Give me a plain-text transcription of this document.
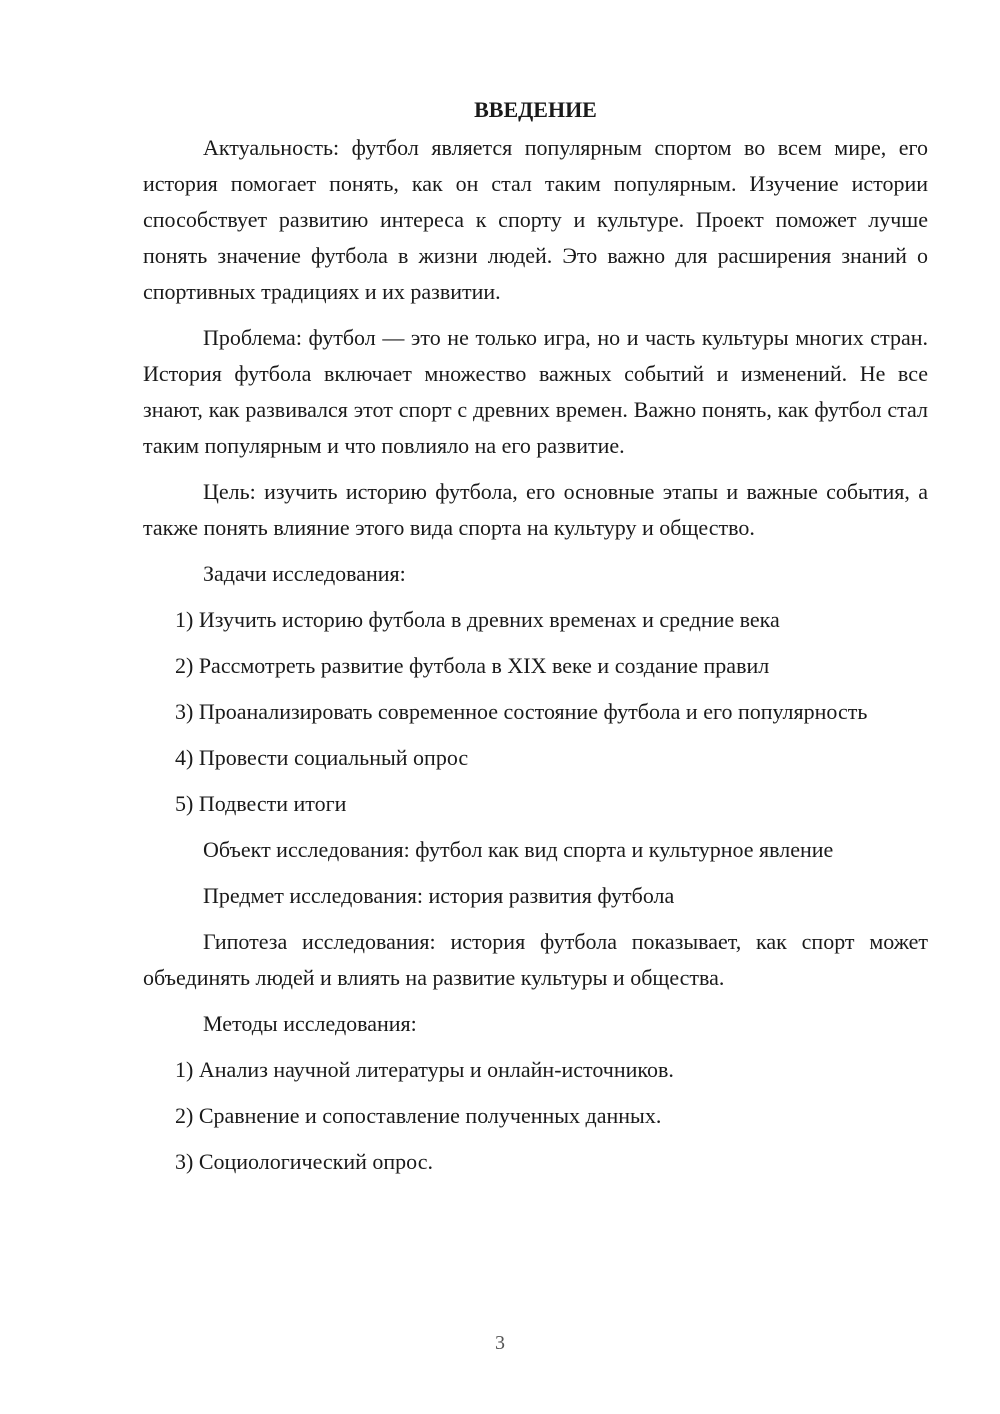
ВВЕДЕНИЕ

Актуальность: футбол является популярным спортом во всем мире, его история помогает понять, как он стал таким популярным. Изучение истории способствует развитию интереса к спорту и культуре. Проект поможет лучше понять значение футбола в жизни людей. Это важно для расширения знаний о спортивных традициях и их развитии.

Проблема: футбол — это не только игра, но и часть культуры многих стран. История футбола включает множество важных событий и изменений. Не все знают, как развивался этот спорт с древних времен. Важно понять, как футбол стал таким популярным и что повлияло на его развитие.

Цель: изучить историю футбола, его основные этапы и важные события, а также понять влияние этого вида спорта на культуру и общество.

Задачи исследования:

1) Изучить историю футбола в древних временах и средние века

2) Рассмотреть развитие футбола в XIX веке и создание правил

3) Проанализировать современное состояние футбола и его популярность

4) Провести социальный опрос

5) Подвести итоги

Объект исследования: футбол как вид спорта и культурное явление

Предмет исследования: история развития футбола

Гипотеза исследования: история футбола показывает, как спорт может объединять людей и влиять на развитие культуры и общества.

Методы исследования:

1) Анализ научной литературы и онлайн-источников.

2) Сравнение и сопоставление полученных данных.

3) Социологический опрос.

3
